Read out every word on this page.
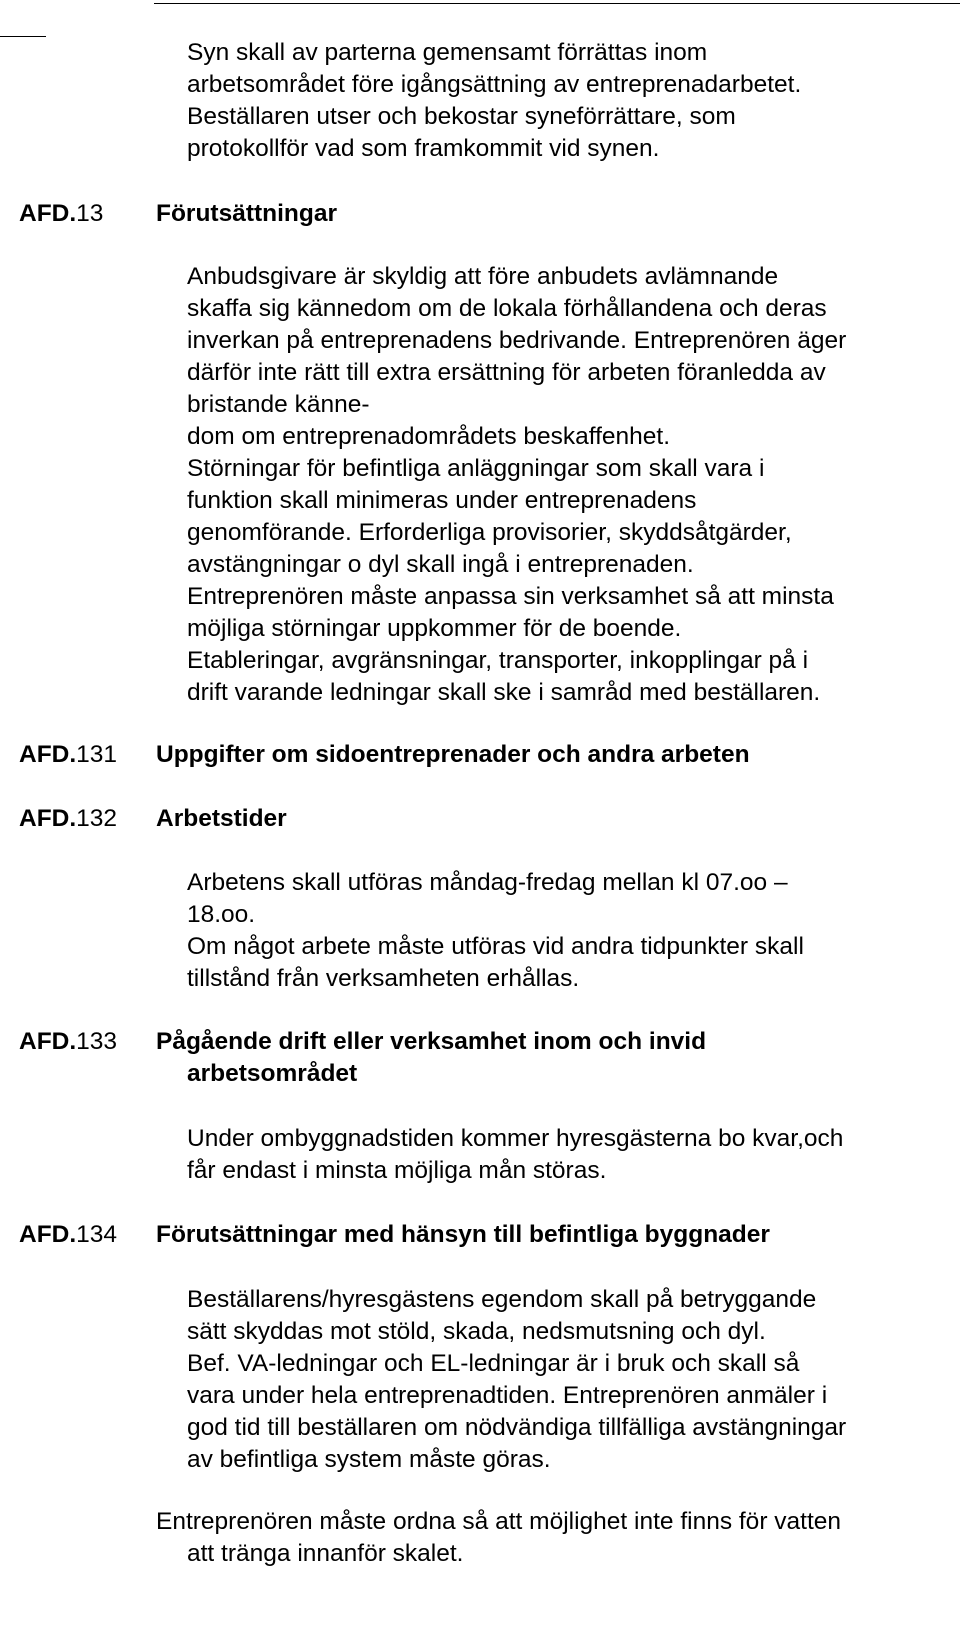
Syn skall av parterna gemensamt förrättas inom
arbetsområdet före igångsättning av entreprenadarbetet.
Beställaren utser och bekostar syneförrättare, som
protokollför vad som framkommit vid synen.
AFD.13 Förutsättningar
Anbudsgivare är skyldig att före anbudets avlämnande
skaffa sig kännedom om de lokala förhållandena och deras
inverkan på entreprenadens bedrivande. Entreprenören äger
därför inte rätt till extra ersättning för arbeten föranledda av
bristande känne-
dom om entreprenadområdets beskaffenhet.
Störningar för befintliga anläggningar som skall vara i
funktion skall minimeras under entreprenadens
genomförande. Erforderliga provisorier, skyddsåtgärder,
avstängningar o dyl skall ingå i entreprenaden.
Entreprenören måste anpassa sin verksamhet så att minsta
möjliga störningar uppkommer för de boende.
Etableringar, avgränsningar, transporter, inkopplingar på i
drift varande ledningar skall ske i samråd med beställaren.
AFD.131 Uppgifter om sidoentreprenader och andra arbeten
AFD.132 Arbetstider
Arbetens skall utföras måndag-fredag mellan kl 07.oo –
18.oo.
Om något arbete måste utföras vid andra tidpunkter skall
tillstånd från verksamheten erhållas.
AFD.133 Pågående drift eller verksamhet inom och invid
arbetsområdet
Under ombyggnadstiden kommer hyresgästerna bo kvar,och
får endast i minsta möjliga mån störas.
AFD.134 Förutsättningar med hänsyn till befintliga byggnader
Beställarens/hyresgästens egendom skall på betryggande
sätt skyddas mot stöld, skada, nedsmutsning och dyl.
Bef. VA-ledningar och EL-ledningar är i bruk och skall så
vara under hela entreprenadtiden. Entreprenören anmäler i
god tid till beställaren om nödvändiga tillfälliga avstängningar
av befintliga system måste göras.
Entreprenören måste ordna så att möjlighet inte finns för vatten
att tränga innanför skalet.
